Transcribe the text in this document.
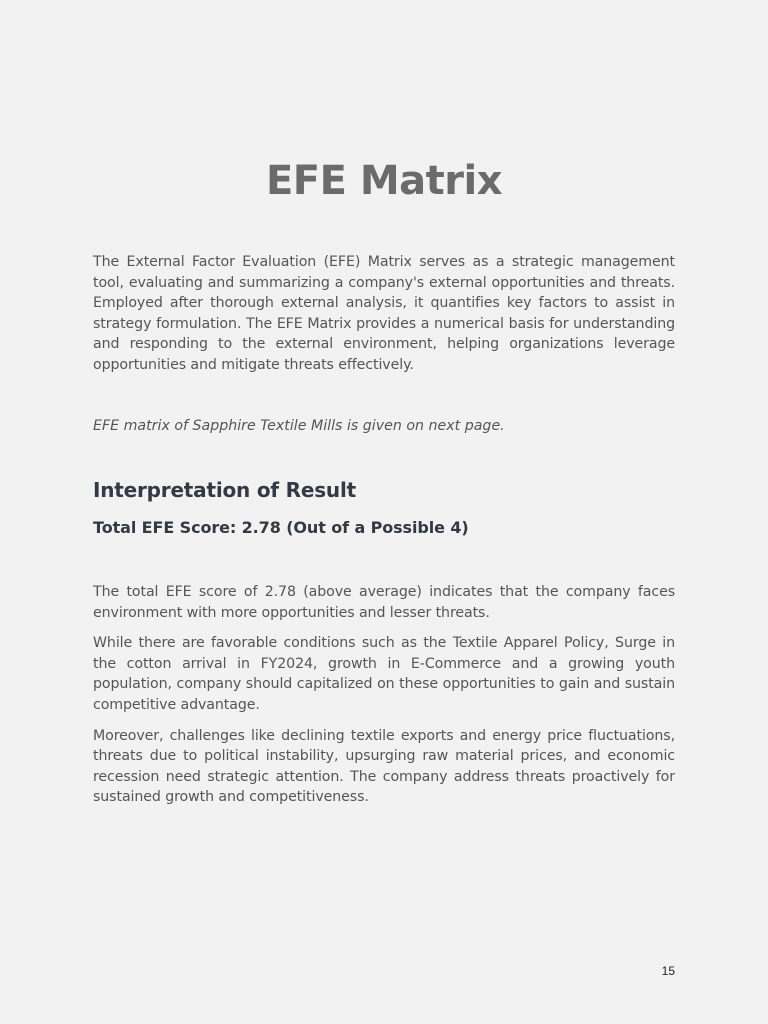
EFE Matrix

The External Factor Evaluation (EFE) Matrix serves as a strategic management tool, evaluating and summarizing a company's external opportunities and threats. Employed after thorough external analysis, it quantifies key factors to assist in strategy formulation. The EFE Matrix provides a numerical basis for understanding and responding to the external environment, helping organizations leverage opportunities and mitigate threats effectively.

EFE matrix of Sapphire Textile Mills is given on next page.

Interpretation of Result
Total EFE Score: 2.78 (Out of a Possible 4)

The total EFE score of 2.78 (above average) indicates that the company faces environment with more opportunities and lesser threats.

While there are favorable conditions such as the Textile Apparel Policy, Surge in the cotton arrival in FY2024, growth in E-Commerce and a growing youth population, company should capitalized on these opportunities to gain and sustain competitive advantage.

Moreover, challenges like declining textile exports and energy price fluctuations, threats due to political instability, upsurging raw material prices, and economic recession need strategic attention. The company address threats proactively for sustained growth and competitiveness.

15
